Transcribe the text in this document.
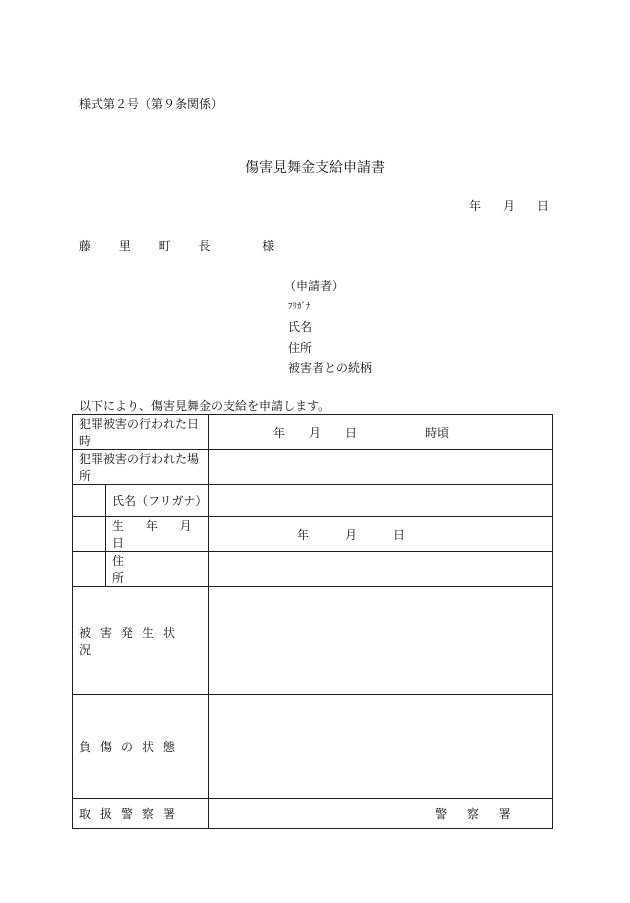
様式第２号（第９条関係）
傷害見舞金支給申請書
年 月 日
藤 里 町 長 　様
（申請者）
ﾌﾘｶﾞﾅ
氏名
住所
被害者との続柄
以下により、傷害見舞金の支給を申請します。
犯罪被害の行われた日時		年 月 日 時頃
犯罪被害の行われた場所		
	氏名（フリガナ）	
	生 年 月 日	年 月 日
	住　　所	
被害発生状況		
負傷の状態		
取扱警察署		警 察 署
